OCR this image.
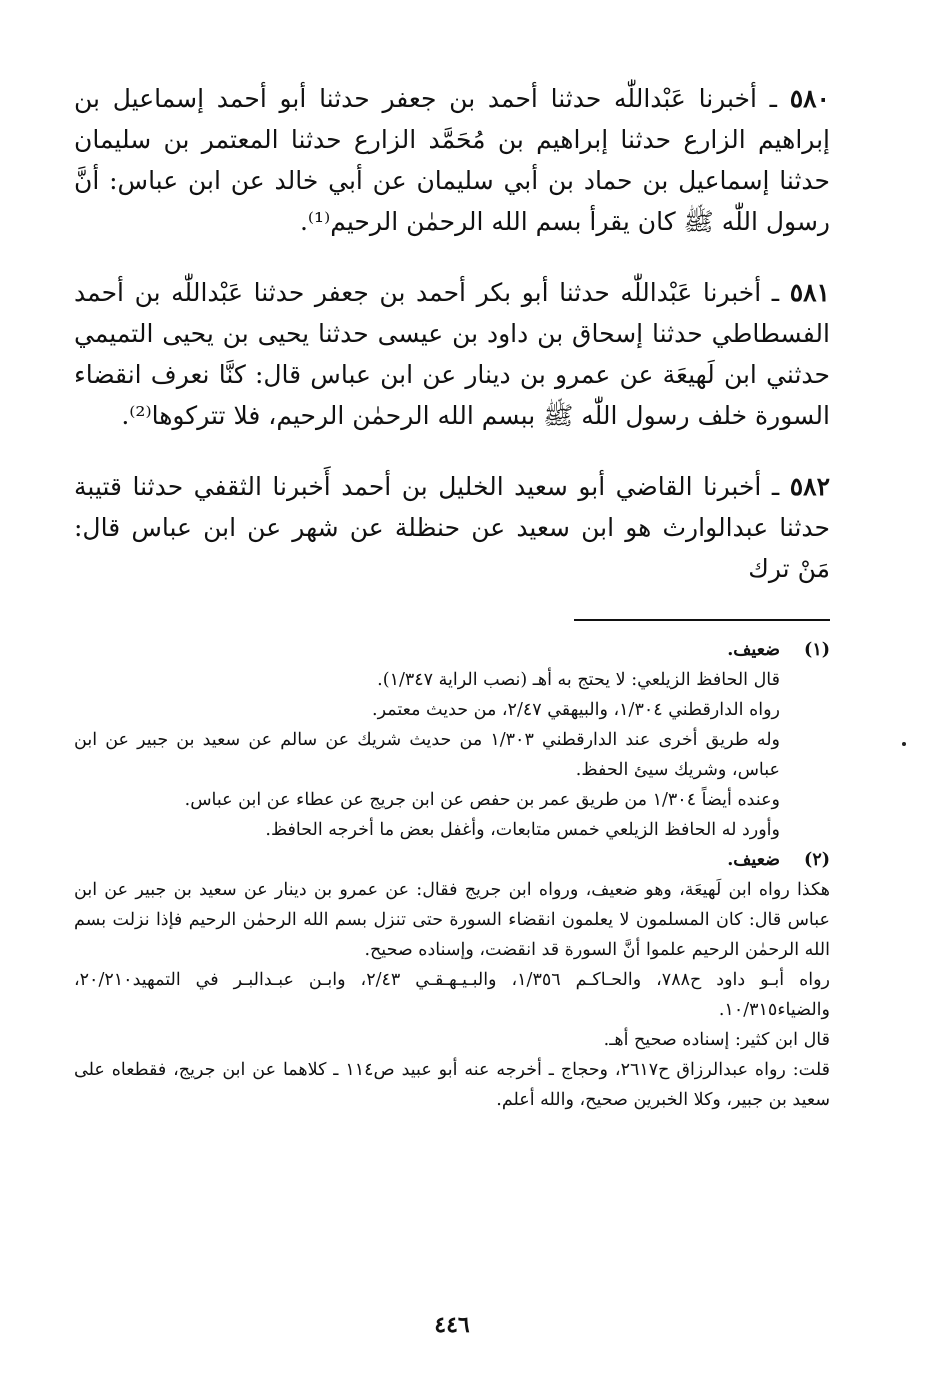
٥٨٠ ـ أخبرنا عَبْداللّٰه حدثنا أحمد بن جعفر حدثنا أبو أحمد إسماعيل بن إبراهيم الزارع حدثنا إبراهيم بن مُحَمَّد الزارع حدثنا المعتمر بن سليمان حدثنا إسماعيل بن حماد بن أبي سليمان عن أبي خالد عن ابن عباس: أنَّ رسول اللّٰه ﷺ كان يقرأ بسم الله الرحمٰن الرحيم⁽¹⁾.

٥٨١ ـ أخبرنا عَبْداللّٰه حدثنا أبو بكر أحمد بن جعفر حدثنا عَبْداللّٰه بن أحمد الفسطاطي حدثنا إسحاق بن داود بن عيسى حدثنا يحيى بن يحيى التميمي حدثني ابن لَهيعَة عن عمرو بن دينار عن ابن عباس قال: كنَّا نعرف انقضاء السورة خلف رسول اللّٰه ﷺ ببسم الله الرحمٰن الرحيم، فلا تتركوها⁽²⁾.

٥٨٢ ـ أخبرنا القاضي أبو سعيد الخليل بن أحمد أَخبرنا الثقفي حدثنا قتيبة حدثنا عبدالوارث هو ابن سعيد عن حنظلة عن شهر عن ابن عباس قال: مَنْ ترك

(١)
ضعيف.

قال الحافظ الزيلعي: لا يحتج به أهـ (نصب الراية ١/٣٤٧).

رواه الدارقطني ١/٣٠٤، والبيهقي ٢/٤٧، من حديث معتمر.

وله طريق أخرى عند الدارقطني ١/٣٠٣ من حديث شريك عن سالم عن سعيد بن جبير عن ابن عباس، وشريك سيئ الحفظ.

وعنده أيضاً ١/٣٠٤ من طريق عمر بن حفص عن ابن جريج عن عطاء عن ابن عباس.

وأورد له الحافظ الزيلعي خمس متابعات، وأغفل بعض ما أخرجه الحافظ.

(٢)
ضعيف.

هكذا رواه ابن لَهيعَة، وهو ضعيف، ورواه ابن جريج فقال: عن عمرو بن دينار عن سعيد بن جبير عن ابن عباس قال: كان المسلمون لا يعلمون انقضاء السورة حتى تنزل بسم الله الرحمٰن الرحيم فإذا نزلت بسم الله الرحمٰن الرحيم علموا أنَّ السورة قد انقضت، وإسناده صحيح.

رواه أبـو داود ح٧٨٨، والحـاكـم ١/٣٥٦، والبـيـهـقـي ٢/٤٣، وابـن عبـدالبـر في التمهيد٢٠/٢١٠، والضياء١٠/٣١٥.

قال ابن كثير: إسناده صحيح أهـ.

قلت: رواه عبدالرزاق ح٢٦١٧، وحجاج ـ أخرجه عنه أبو عبيد ص١١٤ ـ كلاهما عن ابن جريج، فقطعاه على سعيد بن جبير، وكلا الخبرين صحيح، والله أعلم.

٤٤٦
